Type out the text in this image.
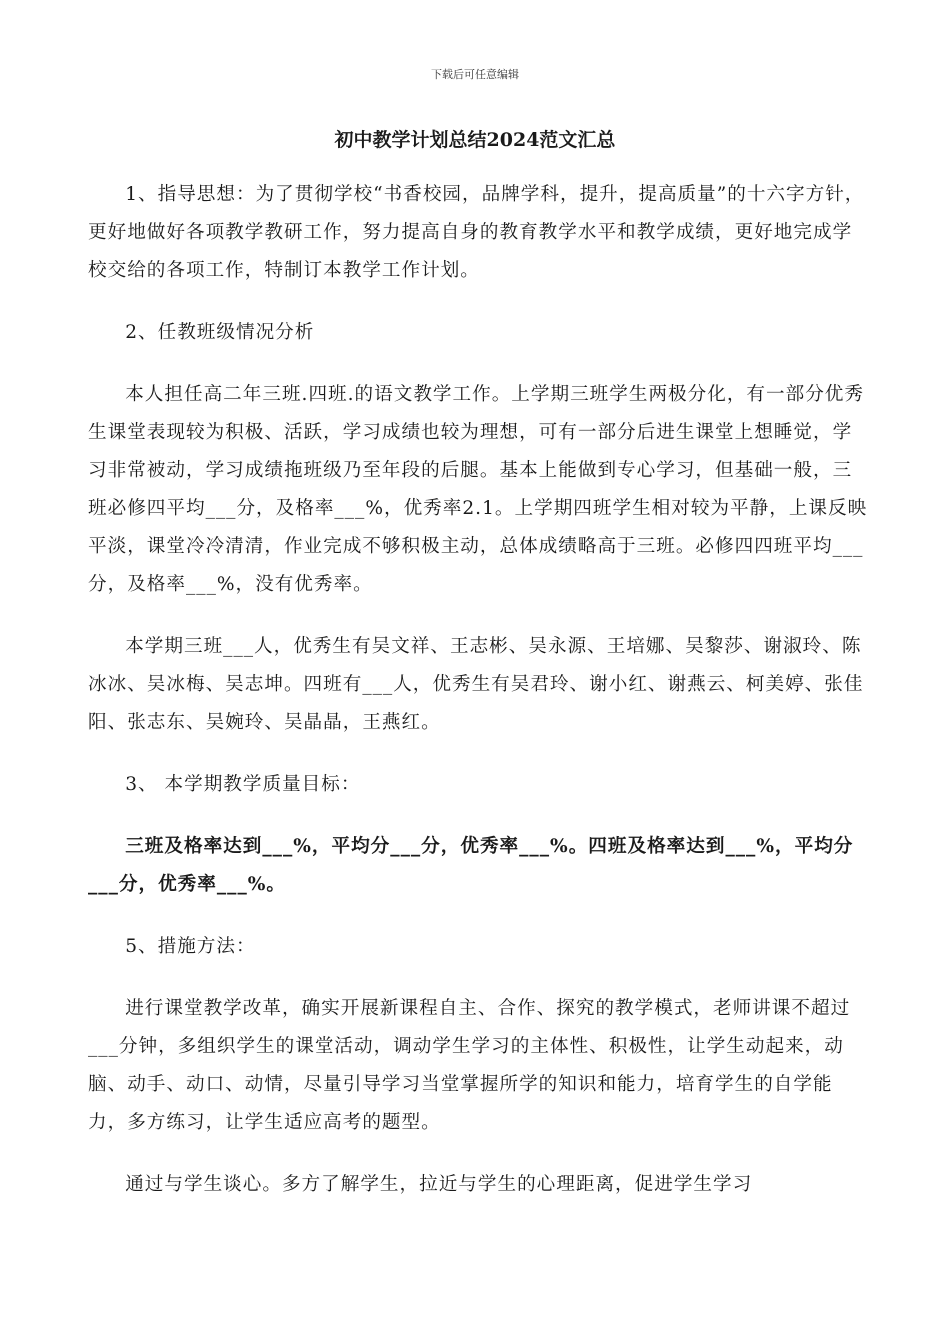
下载后可任意编辑
初中教学计划总结2024范文汇总

1、指导思想：为了贯彻学校“书香校园，品牌学科，提升，提高质量”的十六字方针，更好地做好各项教学教研工作，努力提高自身的教育教学水平和教学成绩，更好地完成学校交给的各项工作，特制订本教学工作计划。

2、任教班级情况分析

本人担任高二年三班.四班.的语文教学工作。上学期三班学生两极分化，有一部分优秀生课堂表现较为积极、活跃，学习成绩也较为理想，可有一部分后进生课堂上想睡觉，学习非常被动，学习成绩拖班级乃至年段的后腿。基本上能做到专心学习，但基础一般，三班必修四平均___分，及格率___%，优秀率2.1。上学期四班学生相对较为平静，上课反映平淡，课堂冷冷清清，作业完成不够积极主动，总体成绩略高于三班。必修四四班平均___分，及格率___%，没有优秀率。

本学期三班___人，优秀生有吴文祥、王志彬、吴永源、王培娜、吴黎莎、谢淑玲、陈冰冰、吴冰梅、吴志坤。四班有___人，优秀生有吴君玲、谢小红、谢燕云、柯美婷、张佳阳、张志东、吴婉玲、吴晶晶，王燕红。

3、 本学期教学质量目标：

三班及格率达到___%，平均分___分，优秀率___%。四班及格率达到___%，平均分___分，优秀率___%。

5、措施方法：

进行课堂教学改革，确实开展新课程自主、合作、探究的教学模式，老师讲课不超过___分钟，多组织学生的课堂活动，调动学生学习的主体性、积极性，让学生动起来，动脑、动手、动口、动情，尽量引导学习当堂掌握所学的知识和能力，培育学生的自学能力，多方练习，让学生适应高考的题型。

通过与学生谈心。多方了解学生，拉近与学生的心理距离，促进学生学习
